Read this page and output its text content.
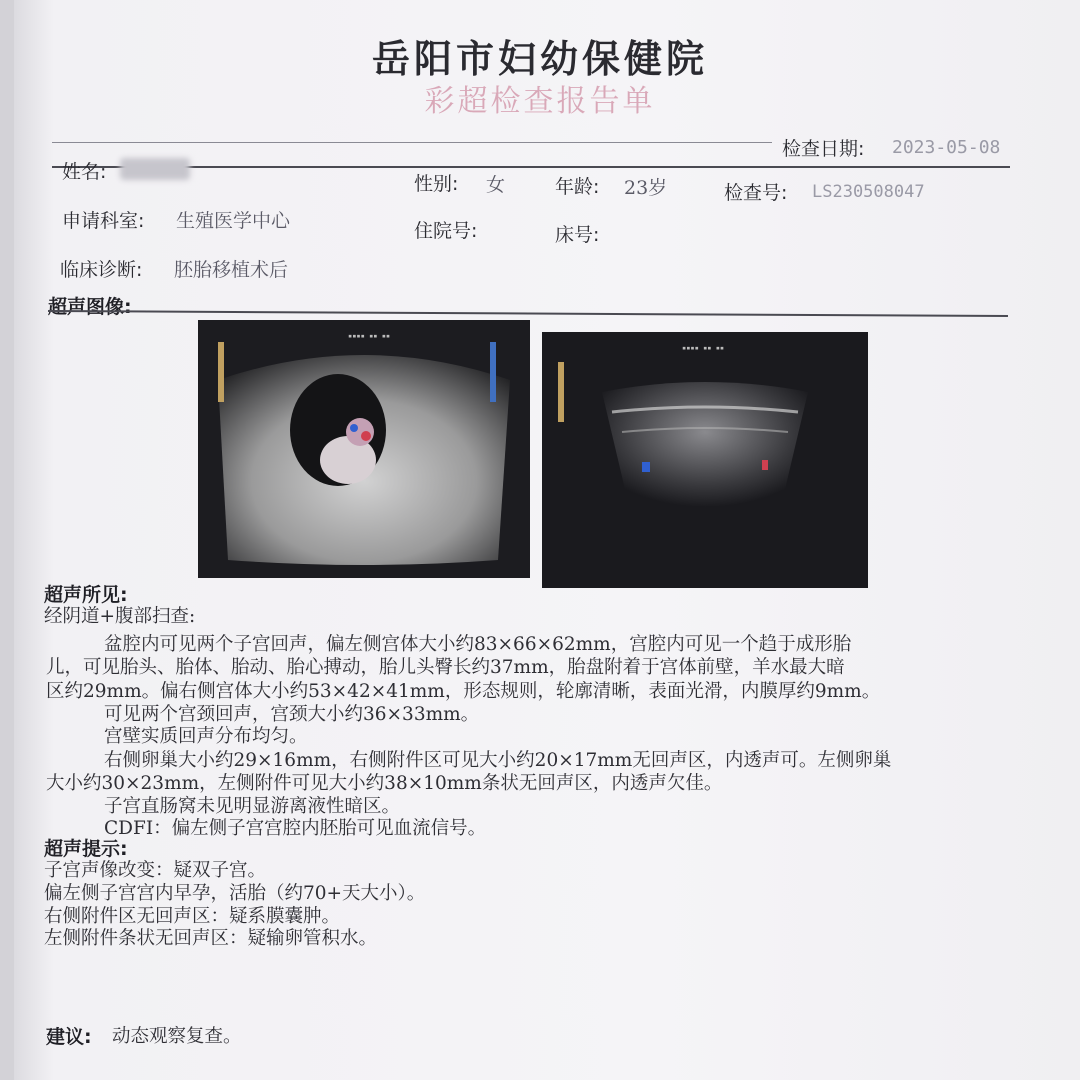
岳阳市妇幼保健院
彩超检查报告单
检查日期: 2023-05-08
姓名:
性别: 女	年龄: 23岁	检查号: LS230508047
申请科室: 生殖医学中心	住院号:	床号:
临床诊断: 胚胎移植术后
超声图像:
▪▪▪▪ ▪▪ ▪▪
▪▪▪▪ ▪▪ ▪▪
超声所见:
经阴道+腹部扫查:
盆腔内可见两个子宫回声，偏左侧宫体大小约83×66×62mm，宫腔内可见一个趋于成形胎
儿，可见胎头、胎体、胎动、胎心搏动，胎儿头臀长约37mm，胎盘附着于宫体前壁，羊水最大暗
区约29mm。偏右侧宫体大小约53×42×41mm，形态规则，轮廓清晰，表面光滑，内膜厚约9mm。
可见两个宫颈回声，宫颈大小约36×33mm。
宫壁实质回声分布均匀。
右侧卵巢大小约29×16mm，右侧附件区可见大小约20×17mm无回声区，内透声可。左侧卵巢
大小约30×23mm，左侧附件可见大小约38×10mm条状无回声区，内透声欠佳。
子宫直肠窝未见明显游离液性暗区。
CDFI：偏左侧子宫宫腔内胚胎可见血流信号。
超声提示:
子宫声像改变：疑双子宫。
偏左侧子宫宫内早孕，活胎（约70+天大小）。
右侧附件区无回声区：疑系膜囊肿。
左侧附件条状无回声区：疑输卵管积水。
建议: 动态观察复查。
